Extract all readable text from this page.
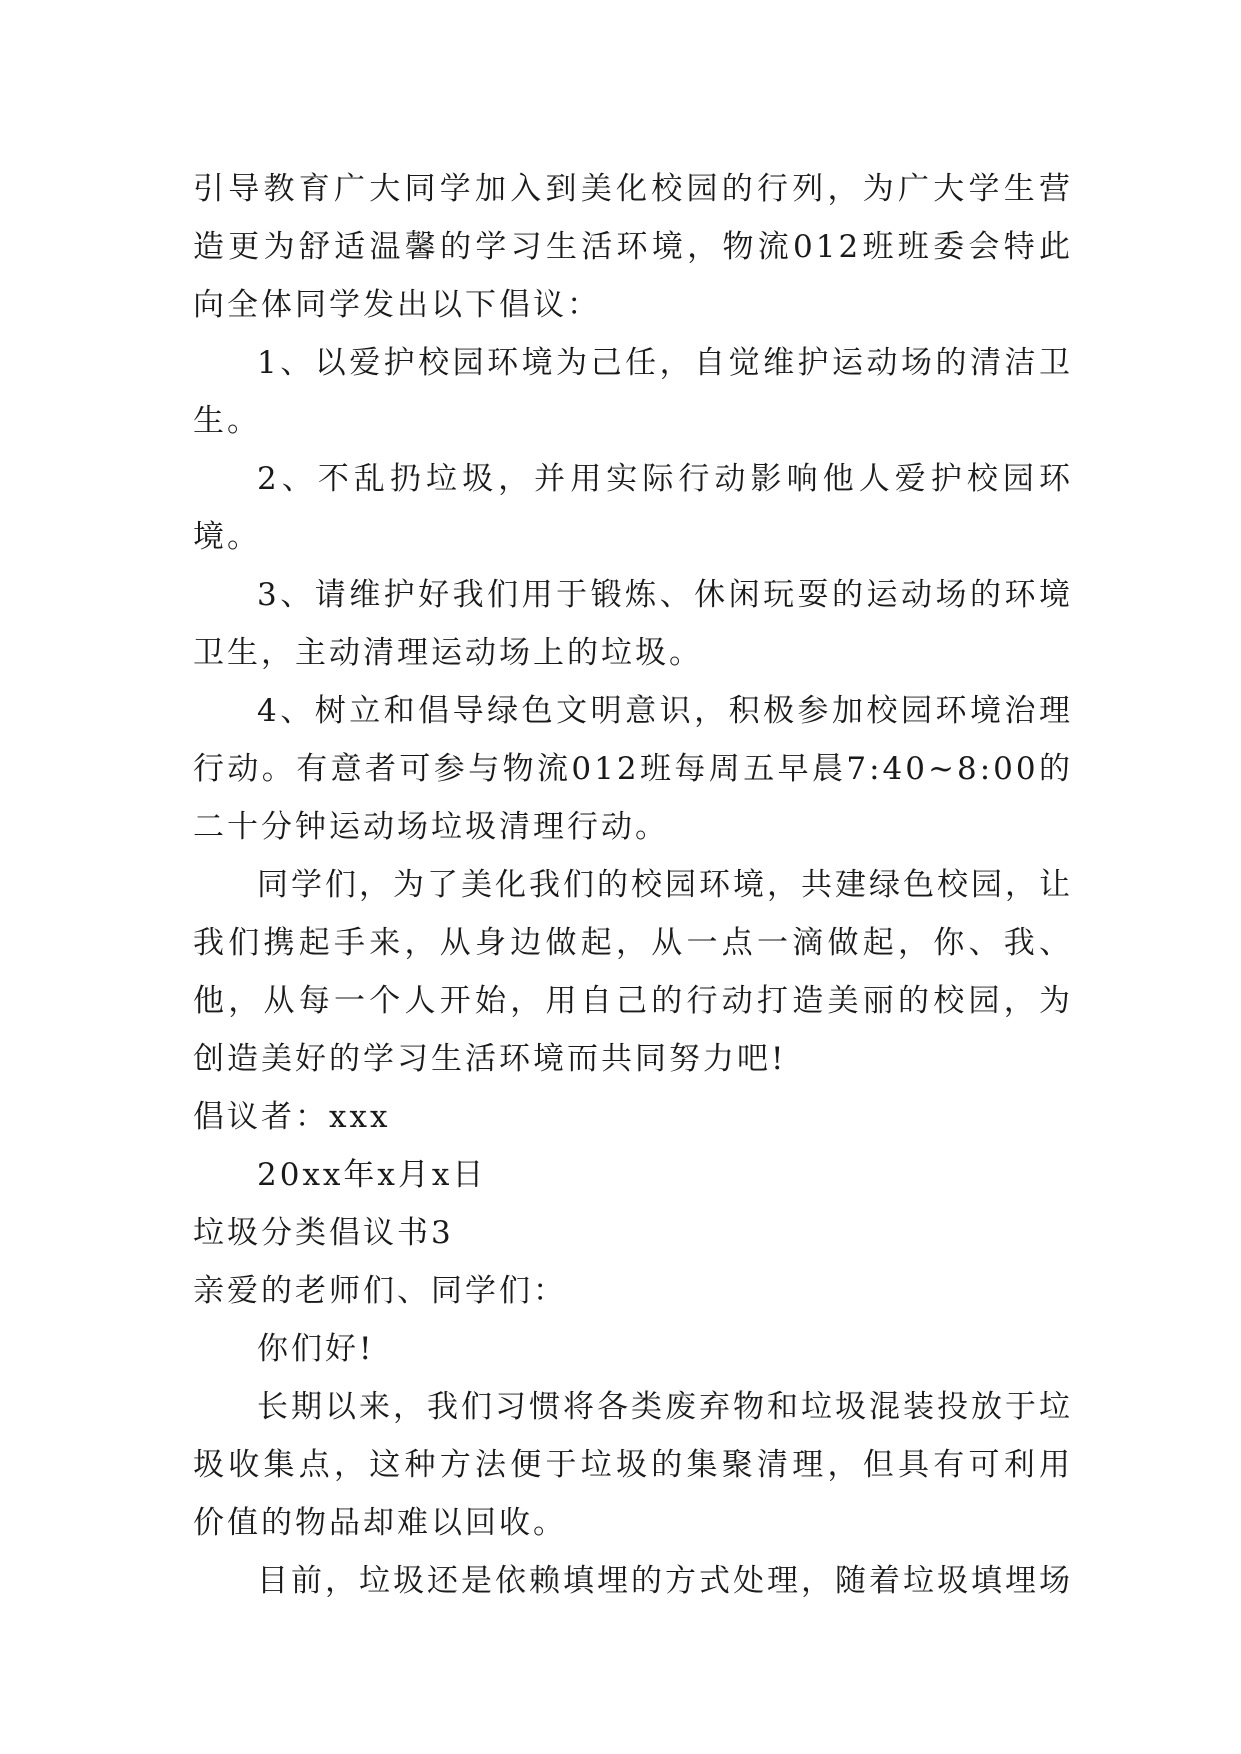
引导教育广大同学加入到美化校园的行列，为广大学生营造更为舒适温馨的学习生活环境，物流012班班委会特此向全体同学发出以下倡议：

1、以爱护校园环境为己任，自觉维护运动场的清洁卫生。

2、不乱扔垃圾，并用实际行动影响他人爱护校园环境。

3、请维护好我们用于锻炼、休闲玩耍的运动场的环境卫生，主动清理运动场上的垃圾。

4、树立和倡导绿色文明意识，积极参加校园环境治理行动。有意者可参与物流012班每周五早晨7:40~8:00的二十分钟运动场垃圾清理行动。

同学们，为了美化我们的校园环境，共建绿色校园，让我们携起手来，从身边做起，从一点一滴做起，你、我、他，从每一个人开始，用自己的行动打造美丽的校园，为创造美好的学习生活环境而共同努力吧!

倡议者：xxx

20xx年x月x日

垃圾分类倡议书3

亲爱的老师们、同学们：

你们好!

长期以来，我们习惯将各类废弃物和垃圾混装投放于垃圾收集点，这种方法便于垃圾的集聚清理，但具有可利用价值的物品却难以回收。

目前，垃圾还是依赖填埋的方式处理，随着垃圾填埋场
